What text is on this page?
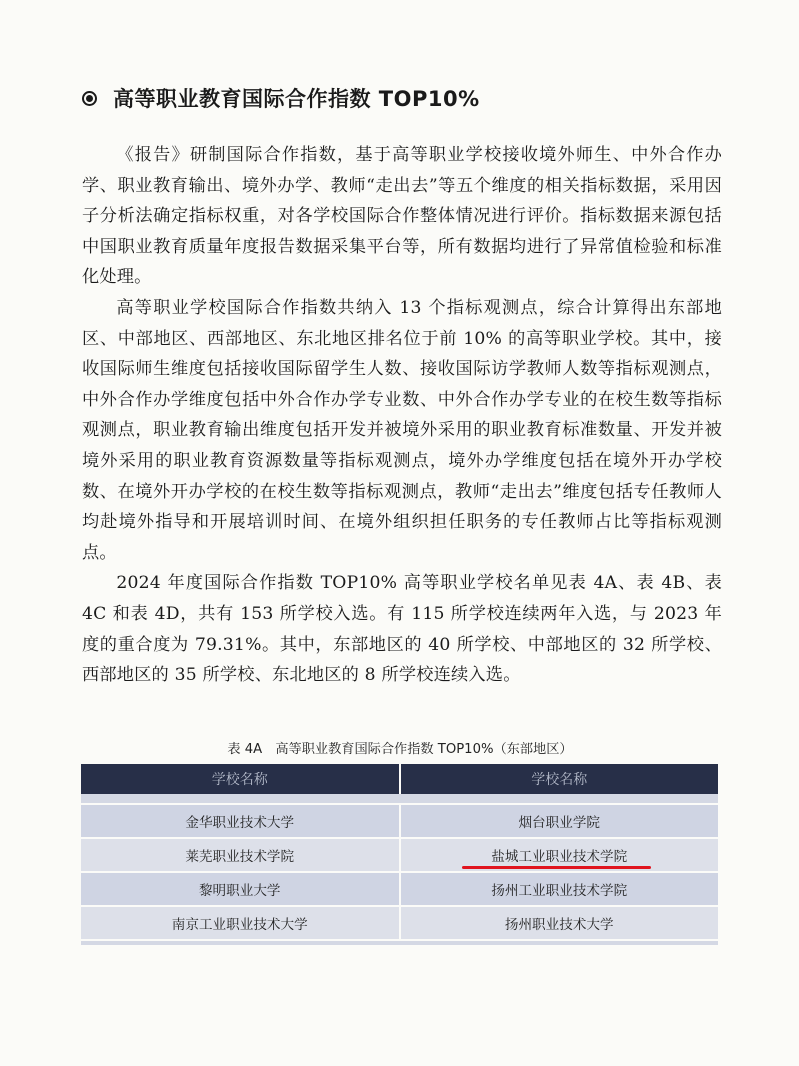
高等职业教育国际合作指数 TOP10%

《报告》研制国际合作指数，基于高等职业学校接收境外师生、中外合作办学、职业教育输出、境外办学、教师“走出去”等五个维度的相关指标数据，采用因子分析法确定指标权重，对各学校国际合作整体情况进行评价。指标数据来源包括中国职业教育质量年度报告数据采集平台等，所有数据均进行了异常值检验和标准化处理。

高等职业学校国际合作指数共纳入 13 个指标观测点，综合计算得出东部地区、中部地区、西部地区、东北地区排名位于前 10% 的高等职业学校。其中，接收国际师生维度包括接收国际留学生人数、接收国际访学教师人数等指标观测点，中外合作办学维度包括中外合作办学专业数、中外合作办学专业的在校生数等指标观测点，职业教育输出维度包括开发并被境外采用的职业教育标准数量、开发并被境外采用的职业教育资源数量等指标观测点，境外办学维度包括在境外开办学校数、在境外开办学校的在校生数等指标观测点，教师“走出去”维度包括专任教师人均赴境外指导和开展培训时间、在境外组织担任职务的专任教师占比等指标观测点。

2024 年度国际合作指数 TOP10% 高等职业学校名单见表 4A、表 4B、表 4C 和表 4D，共有 153 所学校入选。有 115 所学校连续两年入选，与 2023 年度的重合度为 79.31%。其中，东部地区的 40 所学校、中部地区的 32 所学校、西部地区的 35 所学校、东北地区的 8 所学校连续入选。

表 4A　高等职业教育国际合作指数 TOP10%（东部地区）
学校名称	学校名称
金华职业技术大学	烟台职业学院
莱芜职业技术学院	盐城工业职业技术学院
黎明职业大学	扬州工业职业技术学院
南京工业职业技术大学	扬州职业技术大学
